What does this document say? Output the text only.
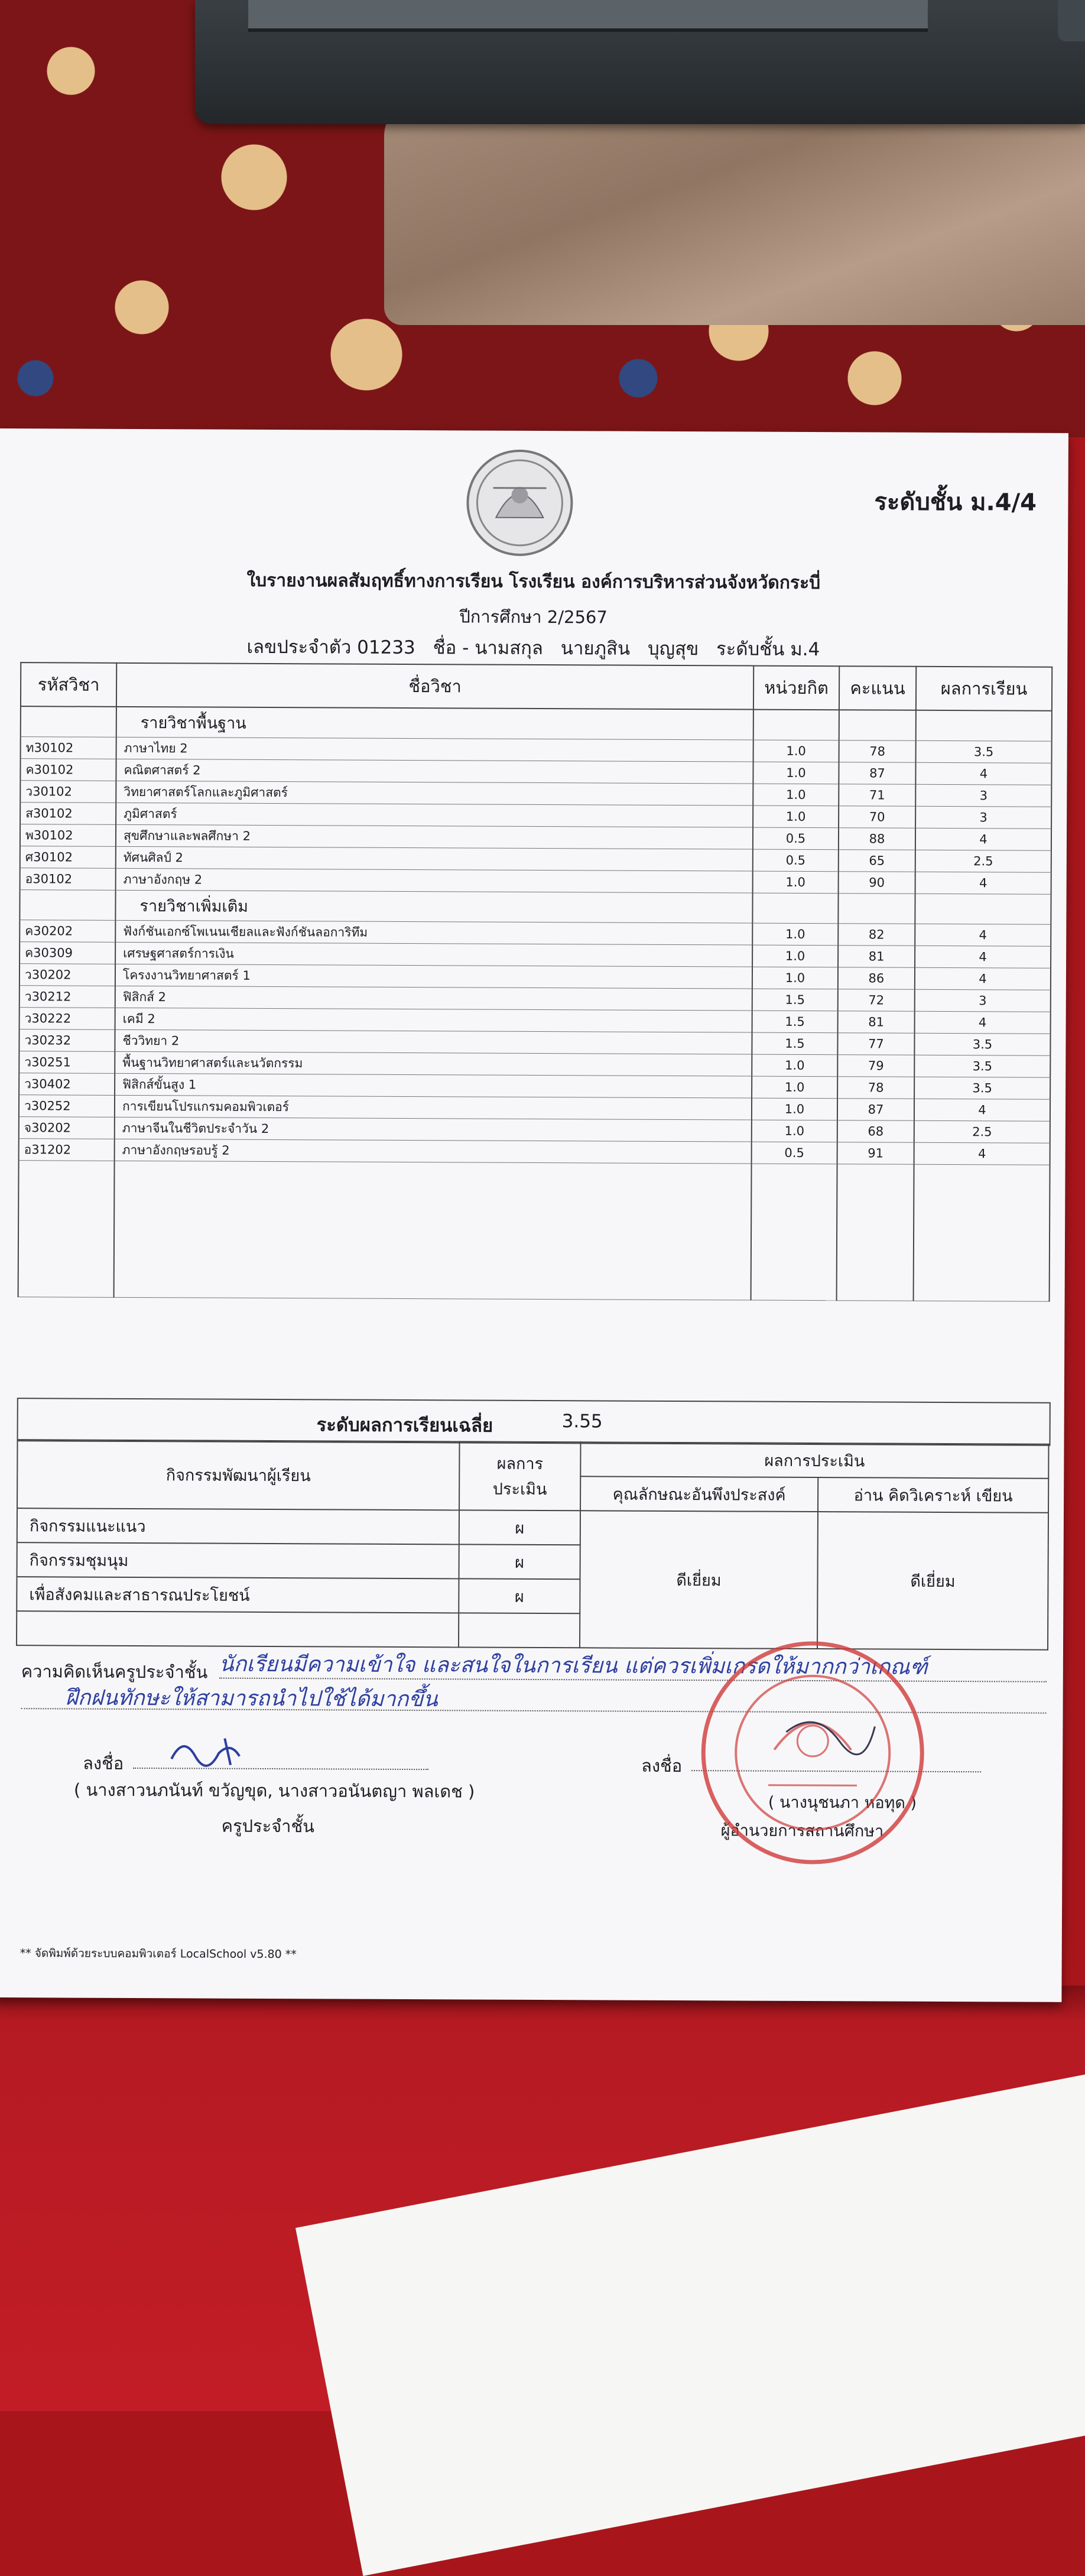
ระดับชั้น ม.4/4
ใบรายงานผลสัมฤทธิ์ทางการเรียน โรงเรียน องค์การบริหารส่วนจังหวัดกระบี่
ปีการศึกษา 2/2567
เลขประจำตัว 01233 ชื่อ - นามสกุล นายภูสิน บุญสุข ระดับชั้น ม.4
รหัสวิชา	ชื่อวิชา	หน่วยกิต	คะแนน	ผลการเรียน
	รายวิชาพื้นฐาน			
ท30102	ภาษาไทย 2	1.0	78	3.5
ค30102	คณิตศาสตร์ 2	1.0	87	4
ว30102	วิทยาศาสตร์โลกและภูมิศาสตร์	1.0	71	3
ส30102	ภูมิศาสตร์	1.0	70	3
พ30102	สุขศึกษาและพลศึกษา 2	0.5	88	4
ศ30102	ทัศนศิลป์ 2	0.5	65	2.5
อ30102	ภาษาอังกฤษ 2	1.0	90	4
	รายวิชาเพิ่มเติม			
ค30202	ฟังก์ชันเอกซ์โพเนนเชียลและฟังก์ชันลอการิทึม	1.0	82	4
ค30309	เศรษฐศาสตร์การเงิน	1.0	81	4
ว30202	โครงงานวิทยาศาสตร์ 1	1.0	86	4
ว30212	ฟิสิกส์ 2	1.5	72	3
ว30222	เคมี 2	1.5	81	4
ว30232	ชีววิทยา 2	1.5	77	3.5
ว30251	พื้นฐานวิทยาศาสตร์และนวัตกรรม	1.0	79	3.5
ว30402	ฟิสิกส์ขั้นสูง 1	1.0	78	3.5
ว30252	การเขียนโปรแกรมคอมพิวเตอร์	1.0	87	4
จ30202	ภาษาจีนในชีวิตประจำวัน 2	1.0	68	2.5
อ31202	ภาษาอังกฤษรอบรู้ 2	0.5	91	4

ระดับผลการเรียนเฉลี่ย	3.55
กิจกรรมพัฒนาผู้เรียน	ผลการประเมิน	ผลการประเมิน	
		คุณลักษณะอันพึงประสงค์	อ่าน คิดวิเคราะห์ เขียน
กิจกรรมแนะแนว	ผ	ดีเยี่ยม	ดีเยี่ยม
กิจกรรมชุมนุม	ผ		
เพื่อสังคมและสาธารณประโยชน์	ผ		

ความคิดเห็นครูประจำชั้น นักเรียนมีความเข้าใจ และสนใจในการเรียน แต่ควรเพิ่มเกรดให้มากกว่าเกณฑ์
ฝึกฝนทักษะให้สามารถนำไปใช้ได้มากขึ้น
ลงชื่อ
( นางสาวนภนันท์ ขวัญขุด, นางสาวอนันตญา พลเดช )
ครูประจำชั้น
ลงชื่อ
( นางนุชนภา หอทุด )
ผู้อำนวยการสถานศึกษา
** จัดพิมพ์ด้วยระบบคอมพิวเตอร์ LocalSchool v5.80 **
